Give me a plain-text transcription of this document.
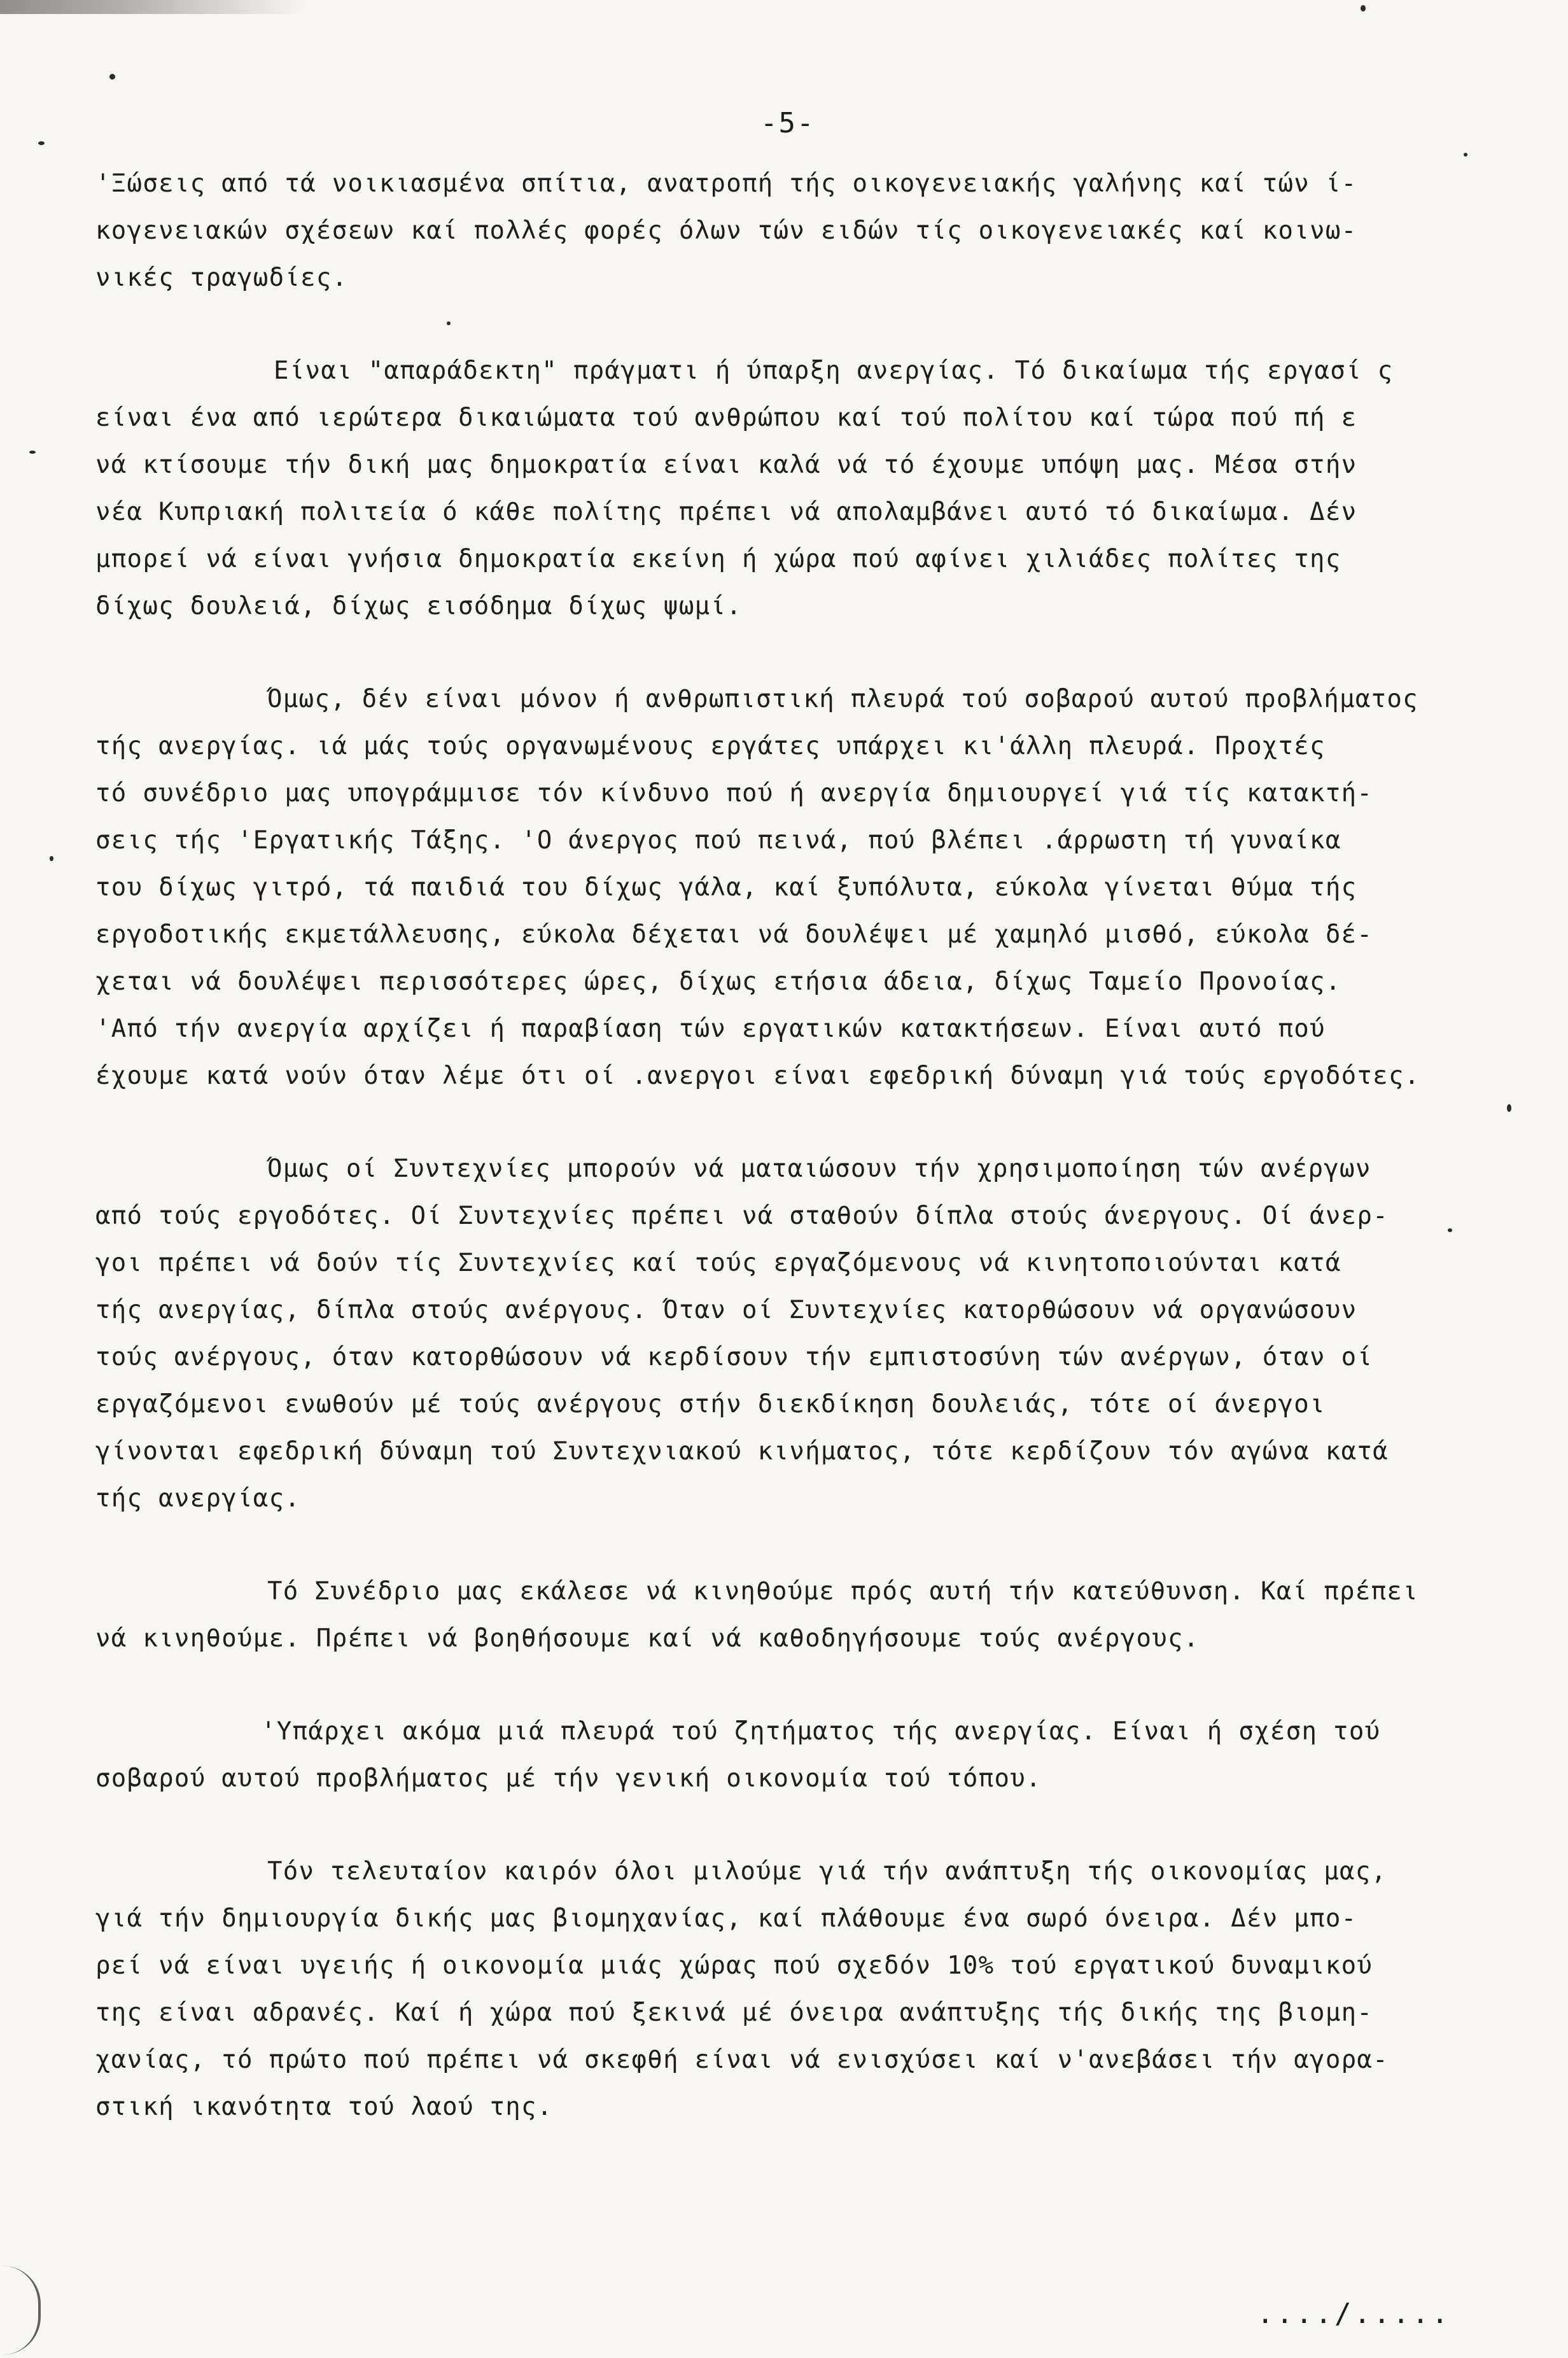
-5-
'Ξώσεις από τά νοικιασμένα σπίτια, ανατροπή τής οικογενειακής γαλήνης καί τών ί-
κογενειακών σχέσεων καί πολλές φορές όλων τών ειδών τίς οικογενειακές καί κοινω-
νικές τραγωδίες.
Είναι "απαράδεκτη" πράγματι ή ύπαρξη ανεργίας. Τό δικαίωμα τής εργασί ς
είναι ένα από ιερώτερα δικαιώματα τού ανθρώπου καί τού πολίτου καί τώρα πού πή ε
νά κτίσουμε τήν δική μας δημοκρατία είναι καλά νά τό έχουμε υπόψη μας. Μέσα στήν
νέα Κυπριακή πολιτεία ό κάθε πολίτης πρέπει νά απολαμβάνει αυτό τό δικαίωμα. Δέν
μπορεί νά είναι γνήσια δημοκρατία εκείνη ή χώρα πού αφίνει χιλιάδες πολίτες της
δίχως δουλειά, δίχως εισόδημα δίχως ψωμί.
Όμως, δέν είναι μόνον ή ανθρωπιστική πλευρά τού σοβαρού αυτού προβλήματος
τής ανεργίας. ιά μάς τούς οργανωμένους εργάτες υπάρχει κι'άλλη πλευρά. Προχτές
τό συνέδριο μας υπογράμμισε τόν κίνδυνο πού ή ανεργία δημιουργεί γιά τίς κατακτή-
σεις τής 'Εργατικής Τάξης. 'Ο άνεργος πού πεινά, πού βλέπει .άρρωστη τή γυναίκα
του δίχως γιτρό, τά παιδιά του δίχως γάλα, καί ξυπόλυτα, εύκολα γίνεται θύμα τής
εργοδοτικής εκμετάλλευσης, εύκολα δέχεται νά δουλέψει μέ χαμηλό μισθό, εύκολα δέ-
χεται νά δουλέψει περισσότερες ώρες, δίχως ετήσια άδεια, δίχως Ταμείο Προνοίας.
'Από τήν ανεργία αρχίζει ή παραβίαση τών εργατικών κατακτήσεων. Είναι αυτό πού
έχουμε κατά νούν όταν λέμε ότι οί .ανεργοι είναι εφεδρική δύναμη γιά τούς εργοδότες.
Όμως οί Συντεχνίες μπορούν νά ματαιώσουν τήν χρησιμοποίηση τών ανέργων
από τούς εργοδότες. Οί Συντεχνίες πρέπει νά σταθούν δίπλα στούς άνεργους. Οί άνερ-
γοι πρέπει νά δούν τίς Συντεχνίες καί τούς εργαζόμενους νά κινητοποιούνται κατά
τής ανεργίας, δίπλα στούς ανέργους. Όταν οί Συντεχνίες κατορθώσουν νά οργανώσουν
τούς ανέργους, όταν κατορθώσουν νά κερδίσουν τήν εμπιστοσύνη τών ανέργων, όταν οί
εργαζόμενοι ενωθούν μέ τούς ανέργους στήν διεκδίκηση δουλειάς, τότε οί άνεργοι
γίνονται εφεδρική δύναμη τού Συντεχνιακού κινήματος, τότε κερδίζουν τόν αγώνα κατά
τής ανεργίας.
Τό Συνέδριο μας εκάλεσε νά κινηθούμε πρός αυτή τήν κατεύθυνση. Καί πρέπει
νά κινηθούμε. Πρέπει νά βοηθήσουμε καί νά καθοδηγήσουμε τούς ανέργους.
'Υπάρχει ακόμα μιά πλευρά τού ζητήματος τής ανεργίας. Είναι ή σχέση τού
σοβαρού αυτού προβλήματος μέ τήν γενική οικονομία τού τόπου.
Τόν τελευταίον καιρόν όλοι μιλούμε γιά τήν ανάπτυξη τής οικονομίας μας,
γιά τήν δημιουργία δικής μας βιομηχανίας, καί πλάθουμε ένα σωρό όνειρα. Δέν μπο-
ρεί νά είναι υγειής ή οικονομία μιάς χώρας πού σχεδόν 10% τού εργατικού δυναμικού
της είναι αδρανές. Καί ή χώρα πού ξεκινά μέ όνειρα ανάπτυξης τής δικής της βιομη-
χανίας, τό πρώτο πού πρέπει νά σκεφθή είναι νά ενισχύσει καί ν'ανεβάσει τήν αγορα-
στική ικανότητα τού λαού της.
..../.....
